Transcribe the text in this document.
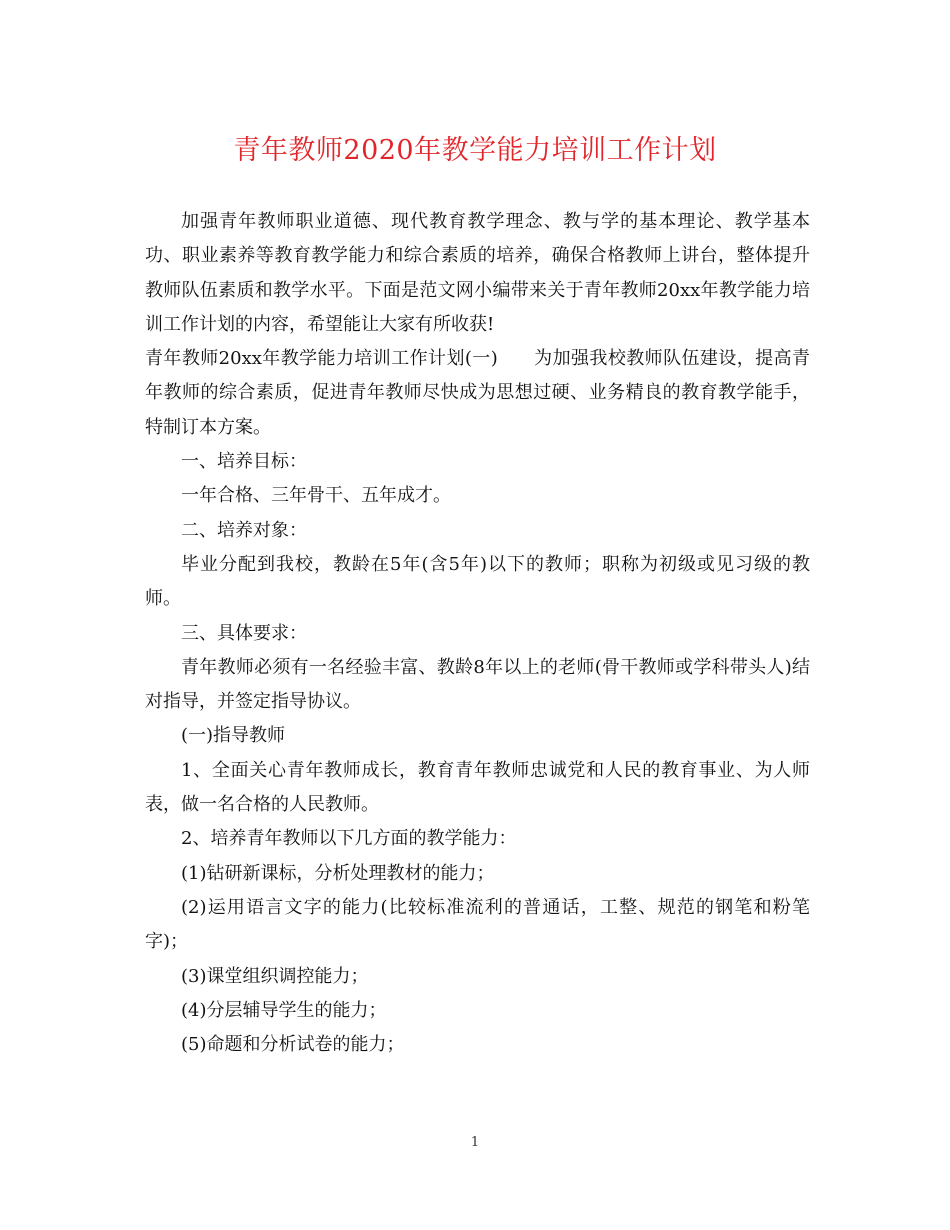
青年教师2020年教学能力培训工作计划

加强青年教师职业道德、现代教育教学理念、教与学的基本理论、教学基本功、职业素养等教育教学能力和综合素质的培养，确保合格教师上讲台，整体提升教师队伍素质和教学水平。下面是范文网小编带来关于青年教师20xx年教学能力培训工作计划的内容，希望能让大家有所收获!

青年教师20xx年教学能力培训工作计划(一) 为加强我校教师队伍建设，提高青年教师的综合素质，促进青年教师尽快成为思想过硬、业务精良的教育教学能手，特制订本方案。

一、培养目标：

一年合格、三年骨干、五年成才。

二、培养对象：

毕业分配到我校，教龄在5年(含5年)以下的教师；职称为初级或见习级的教师。

三、具体要求：

青年教师必须有一名经验丰富、教龄8年以上的老师(骨干教师或学科带头人)结对指导，并签定指导协议。

(一)指导教师

1、全面关心青年教师成长，教育青年教师忠诚党和人民的教育事业、为人师表，做一名合格的人民教师。

2、培养青年教师以下几方面的教学能力：

(1)钻研新课标，分析处理教材的能力；

(2)运用语言文字的能力(比较标准流利的普通话，工整、规范的钢笔和粉笔字)；

(3)课堂组织调控能力；

(4)分层辅导学生的能力；

(5)命题和分析试卷的能力；

1
